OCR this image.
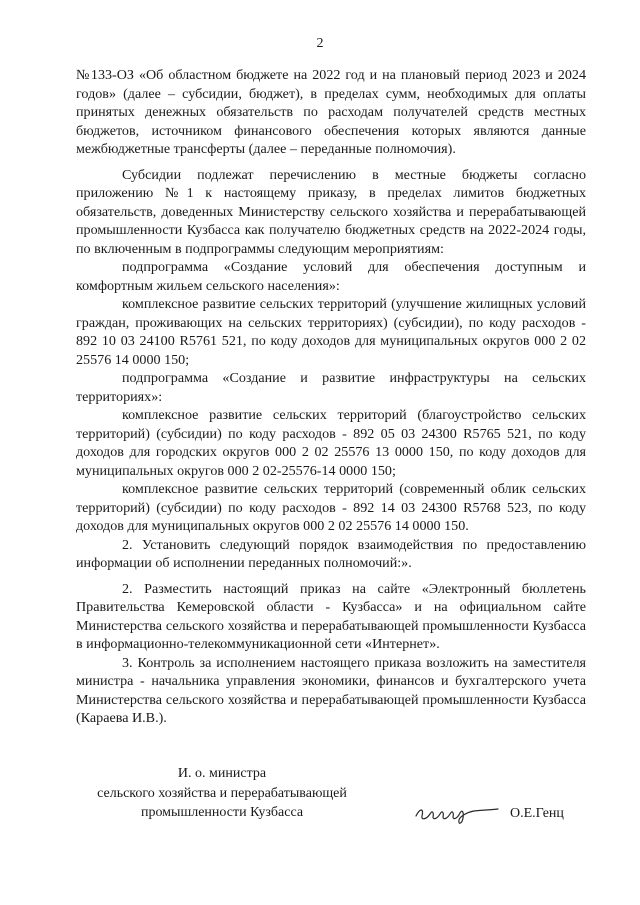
2

№133-ОЗ «Об областном бюджете на 2022 год и на плановый период 2023 и 2024 годов» (далее – субсидии, бюджет), в пределах сумм, необходимых для оплаты принятых денежных обязательств по расходам получателей средств местных бюджетов, источником финансового обеспечения которых являются данные межбюджетные трансферты (далее – переданные полномочия).

Субсидии подлежат перечислению в местные бюджеты согласно приложению №1 к настоящему приказу, в пределах лимитов бюджетных обязательств, доведенных Министерству сельского хозяйства и перерабатывающей промышленности Кузбасса как получателю бюджетных средств на 2022-2024 годы, по включенным в подпрограммы следующим мероприятиям:

подпрограмма «Создание условий для обеспечения доступным и комфортным жильем сельского населения»:

комплексное развитие сельских территорий (улучшение жилищных условий граждан, проживающих на сельских территориях) (субсидии), по коду расходов - 892 10 03 24100 R5761 521, по коду доходов для муниципальных округов 000 2 02 25576 14 0000 150;

подпрограмма «Создание и развитие инфраструктуры на сельских территориях»:

комплексное развитие сельских территорий (благоустройство сельских территорий) (субсидии) по коду расходов - 892 05 03 24300 R5765 521, по коду доходов для городских округов 000 2 02 25576 13 0000 150, по коду доходов для муниципальных округов 000 2 02-25576-14 0000 150;

комплексное развитие сельских территорий (современный облик сельских территорий) (субсидии) по коду расходов - 892 14 03 24300 R5768 523, по коду доходов для муниципальных округов 000 2 02 25576 14 0000 150.

2. Установить следующий порядок взаимодействия по предоставлению информации об исполнении переданных полномочий:».

2. Разместить настоящий приказ на сайте «Электронный бюллетень Правительства Кемеровской области - Кузбасса» и на официальном сайте Министерства сельского хозяйства и перерабатывающей промышленности Кузбасса в информационно-телекоммуникационной сети «Интернет».

3. Контроль за исполнением настоящего приказа возложить на заместителя министра - начальника управления экономики, финансов и бухгалтерского учета Министерства сельского хозяйства и перерабатывающей промышленности Кузбасса (Караева И.В.).

И. о. министра
сельского хозяйства и перерабатывающей
промышленности Кузбасса	О.Е.Генц
